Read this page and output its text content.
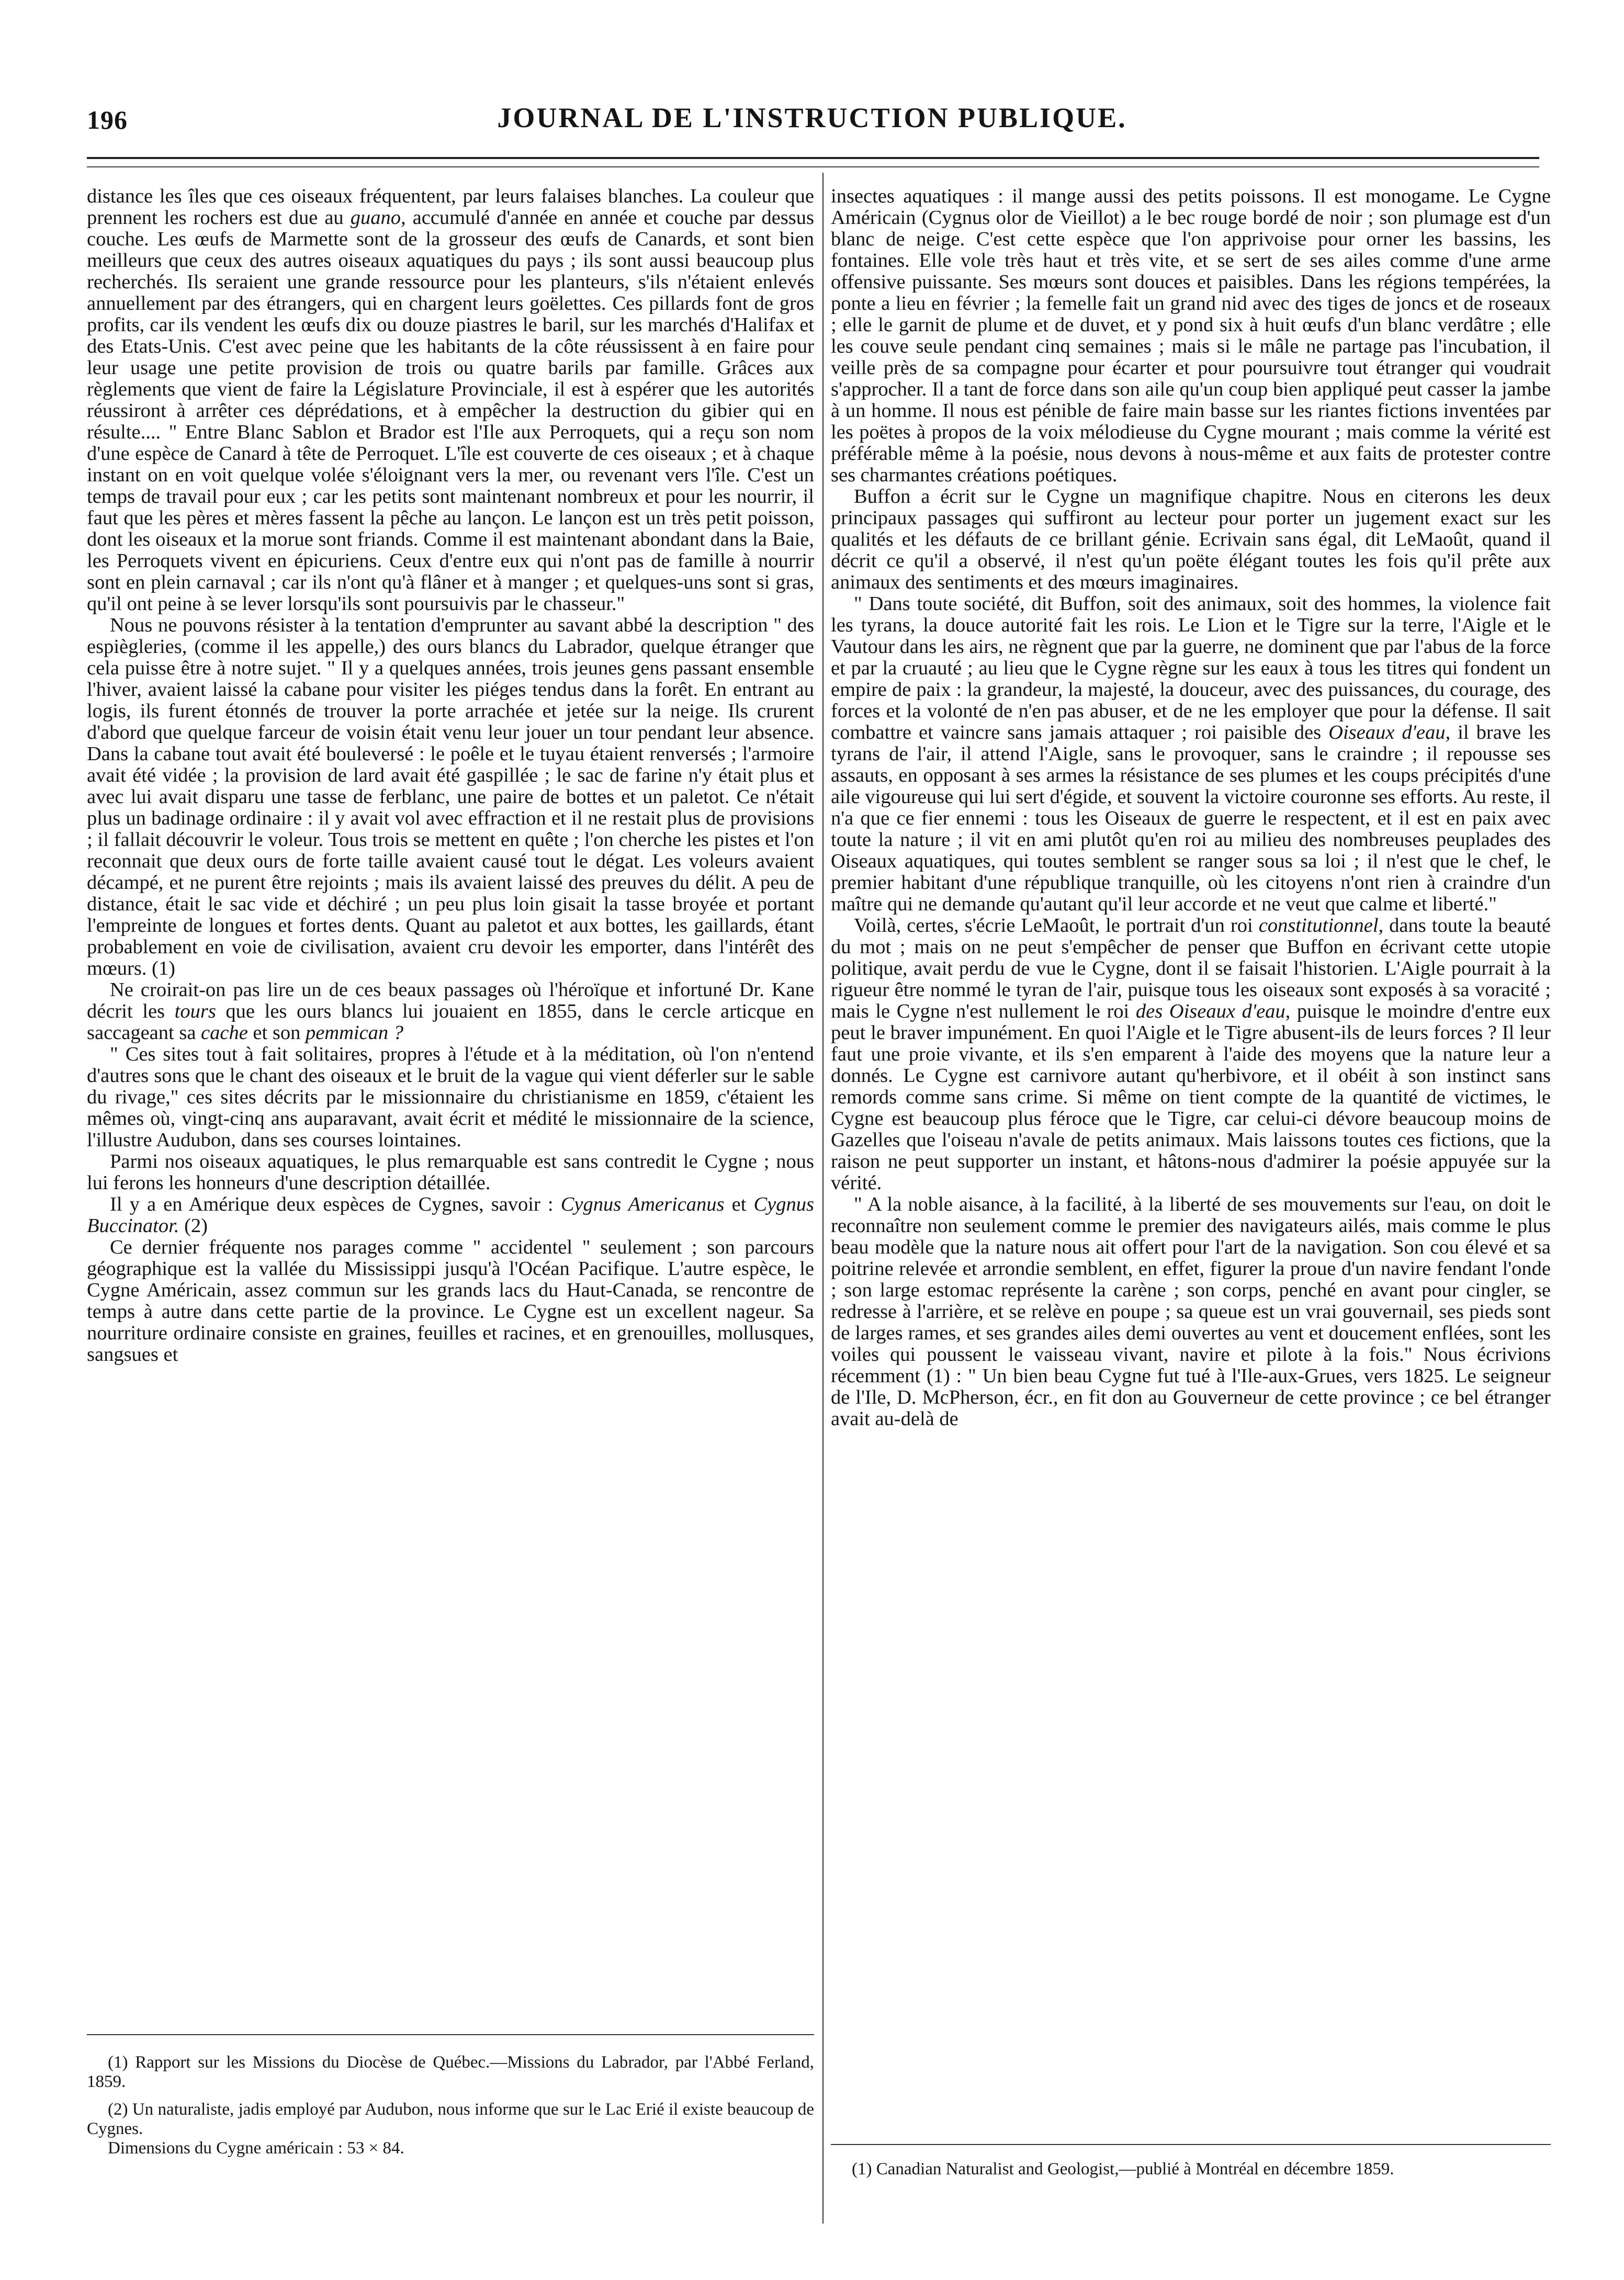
196	JOURNAL DE L'INSTRUCTION PUBLIQUE.

distance les îles que ces oiseaux fréquentent, par leurs falaises blanches. La couleur que prennent les rochers est due au guano, accumulé d'année en année et couche par dessus couche. Les œufs de Marmette sont de la grosseur des œufs de Canards, et sont bien meilleurs que ceux des autres oiseaux aquatiques du pays ; ils sont aussi beaucoup plus recherchés. Ils seraient une grande ressource pour les planteurs, s'ils n'étaient enlevés annuellement par des étrangers, qui en chargent leurs goëlettes. Ces pillards font de gros profits, car ils vendent les œufs dix ou douze piastres le baril, sur les marchés d'Halifax et des Etats-Unis. C'est avec peine que les habitants de la côte réussissent à en faire pour leur usage une petite provision de trois ou quatre barils par famille. Grâces aux règlements que vient de faire la Législature Provinciale, il est à espérer que les autorités réussiront à arrêter ces déprédations, et à empêcher la destruction du gibier qui en résulte.... " Entre Blanc Sablon et Brador est l'Ile aux Perroquets, qui a reçu son nom d'une espèce de Canard à tête de Perroquet. L'île est couverte de ces oiseaux ; et à chaque instant on en voit quelque volée s'éloignant vers la mer, ou revenant vers l'île. C'est un temps de travail pour eux ; car les petits sont maintenant nombreux et pour les nourrir, il faut que les pères et mères fassent la pêche au lançon. Le lançon est un très petit poisson, dont les oiseaux et la morue sont friands. Comme il est maintenant abondant dans la Baie, les Perroquets vivent en épicuriens. Ceux d'entre eux qui n'ont pas de famille à nourrir sont en plein carnaval ; car ils n'ont qu'à flâner et à manger ; et quelques-uns sont si gras, qu'il ont peine à se lever lorsqu'ils sont poursuivis par le chasseur."

Nous ne pouvons résister à la tentation d'emprunter au savant abbé la description " des espiègleries, (comme il les appelle,) des ours blancs du Labrador, quelque étranger que cela puisse être à notre sujet. " Il y a quelques années, trois jeunes gens passant ensemble l'hiver, avaient laissé la cabane pour visiter les piéges tendus dans la forêt. En entrant au logis, ils furent étonnés de trouver la porte arrachée et jetée sur la neige. Ils crurent d'abord que quelque farceur de voisin était venu leur jouer un tour pendant leur absence. Dans la cabane tout avait été bouleversé : le poêle et le tuyau étaient renversés ; l'armoire avait été vidée ; la provision de lard avait été gaspillée ; le sac de farine n'y était plus et avec lui avait disparu une tasse de ferblanc, une paire de bottes et un paletot. Ce n'était plus un badinage ordinaire : il y avait vol avec effraction et il ne restait plus de provisions ; il fallait découvrir le voleur. Tous trois se mettent en quête ; l'on cherche les pistes et l'on reconnait que deux ours de forte taille avaient causé tout le dégat. Les voleurs avaient décampé, et ne purent être rejoints ; mais ils avaient laissé des preuves du délit. A peu de distance, était le sac vide et déchiré ; un peu plus loin gisait la tasse broyée et portant l'empreinte de longues et fortes dents. Quant au paletot et aux bottes, les gaillards, étant probablement en voie de civilisation, avaient cru devoir les emporter, dans l'intérêt des mœurs. (1)

Ne croirait-on pas lire un de ces beaux passages où l'héroïque et infortuné Dr. Kane décrit les tours que les ours blancs lui jouaient en 1855, dans le cercle articque en saccageant sa cache et son pemmican ?

" Ces sites tout à fait solitaires, propres à l'étude et à la méditation, où l'on n'entend d'autres sons que le chant des oiseaux et le bruit de la vague qui vient déferler sur le sable du rivage," ces sites décrits par le missionnaire du christianisme en 1859, c'étaient les mêmes où, vingt-cinq ans auparavant, avait écrit et médité le missionnaire de la science, l'illustre Audubon, dans ses courses lointaines.

Parmi nos oiseaux aquatiques, le plus remarquable est sans contredit le Cygne ; nous lui ferons les honneurs d'une description détaillée.

Il y a en Amérique deux espèces de Cygnes, savoir : Cygnus Americanus et Cygnus Buccinator. (2)

Ce dernier fréquente nos parages comme " accidentel " seulement ; son parcours géographique est la vallée du Mississippi jusqu'à l'Océan Pacifique. L'autre espèce, le Cygne Américain, assez commun sur les grands lacs du Haut-Canada, se rencontre de temps à autre dans cette partie de la province. Le Cygne est un excellent nageur. Sa nourriture ordinaire consiste en graines, feuilles et racines, et en grenouilles, mollusques, sangsues et

insectes aquatiques : il mange aussi des petits poissons. Il est monogame. Le Cygne Américain (Cygnus olor de Vieillot) a le bec rouge bordé de noir ; son plumage est d'un blanc de neige. C'est cette espèce que l'on apprivoise pour orner les bassins, les fontaines. Elle vole très haut et très vite, et se sert de ses ailes comme d'une arme offensive puissante. Ses mœurs sont douces et paisibles. Dans les régions tempérées, la ponte a lieu en février ; la femelle fait un grand nid avec des tiges de joncs et de roseaux ; elle le garnit de plume et de duvet, et y pond six à huit œufs d'un blanc verdâtre ; elle les couve seule pendant cinq semaines ; mais si le mâle ne partage pas l'incubation, il veille près de sa compagne pour écarter et pour poursuivre tout étranger qui voudrait s'approcher. Il a tant de force dans son aile qu'un coup bien appliqué peut casser la jambe à un homme. Il nous est pénible de faire main basse sur les riantes fictions inventées par les poëtes à propos de la voix mélodieuse du Cygne mourant ; mais comme la vérité est préférable même à la poésie, nous devons à nous-même et aux faits de protester contre ses charmantes créations poétiques.

Buffon a écrit sur le Cygne un magnifique chapitre. Nous en citerons les deux principaux passages qui suffiront au lecteur pour porter un jugement exact sur les qualités et les défauts de ce brillant génie. Ecrivain sans égal, dit LeMaoût, quand il décrit ce qu'il a observé, il n'est qu'un poëte élégant toutes les fois qu'il prête aux animaux des sentiments et des mœurs imaginaires.

" Dans toute société, dit Buffon, soit des animaux, soit des hommes, la violence fait les tyrans, la douce autorité fait les rois. Le Lion et le Tigre sur la terre, l'Aigle et le Vautour dans les airs, ne règnent que par la guerre, ne dominent que par l'abus de la force et par la cruauté ; au lieu que le Cygne règne sur les eaux à tous les titres qui fondent un empire de paix : la grandeur, la majesté, la douceur, avec des puissances, du courage, des forces et la volonté de n'en pas abuser, et de ne les employer que pour la défense. Il sait combattre et vaincre sans jamais attaquer ; roi paisible des Oiseaux d'eau, il brave les tyrans de l'air, il attend l'Aigle, sans le provoquer, sans le craindre ; il repousse ses assauts, en opposant à ses armes la résistance de ses plumes et les coups précipités d'une aile vigoureuse qui lui sert d'égide, et souvent la victoire couronne ses efforts. Au reste, il n'a que ce fier ennemi : tous les Oiseaux de guerre le respectent, et il est en paix avec toute la nature ; il vit en ami plutôt qu'en roi au milieu des nombreuses peuplades des Oiseaux aquatiques, qui toutes semblent se ranger sous sa loi ; il n'est que le chef, le premier habitant d'une république tranquille, où les citoyens n'ont rien à craindre d'un maître qui ne demande qu'autant qu'il leur accorde et ne veut que calme et liberté."

Voilà, certes, s'écrie LeMaoût, le portrait d'un roi constitutionnel, dans toute la beauté du mot ; mais on ne peut s'empêcher de penser que Buffon en écrivant cette utopie politique, avait perdu de vue le Cygne, dont il se faisait l'historien. L'Aigle pourrait à la rigueur être nommé le tyran de l'air, puisque tous les oiseaux sont exposés à sa voracité ; mais le Cygne n'est nullement le roi des Oiseaux d'eau, puisque le moindre d'entre eux peut le braver impunément. En quoi l'Aigle et le Tigre abusent-ils de leurs forces ? Il leur faut une proie vivante, et ils s'en emparent à l'aide des moyens que la nature leur a donnés. Le Cygne est carnivore autant qu'herbivore, et il obéit à son instinct sans remords comme sans crime. Si même on tient compte de la quantité de victimes, le Cygne est beaucoup plus féroce que le Tigre, car celui-ci dévore beaucoup moins de Gazelles que l'oiseau n'avale de petits animaux. Mais laissons toutes ces fictions, que la raison ne peut supporter un instant, et hâtons-nous d'admirer la poésie appuyée sur la vérité.

" A la noble aisance, à la facilité, à la liberté de ses mouvements sur l'eau, on doit le reconnaître non seulement comme le premier des navigateurs ailés, mais comme le plus beau modèle que la nature nous ait offert pour l'art de la navigation. Son cou élevé et sa poitrine relevée et arrondie semblent, en effet, figurer la proue d'un navire fendant l'onde ; son large estomac représente la carène ; son corps, penché en avant pour cingler, se redresse à l'arrière, et se relève en poupe ; sa queue est un vrai gouvernail, ses pieds sont de larges rames, et ses grandes ailes demi ouvertes au vent et doucement enflées, sont les voiles qui poussent le vaisseau vivant, navire et pilote à la fois." Nous écrivions récemment (1) : " Un bien beau Cygne fut tué à l'Ile-aux-Grues, vers 1825. Le seigneur de l'Ile, D. McPherson, écr., en fit don au Gouverneur de cette province ; ce bel étranger avait au-delà de

(1) Rapport sur les Missions du Diocèse de Québec.—Missions du Labrador, par l'Abbé Ferland, 1859.

(2) Un naturaliste, jadis employé par Audubon, nous informe que sur le Lac Erié il existe beaucoup de Cygnes.

Dimensions du Cygne américain : 53 × 84.

(1) Canadian Naturalist and Geologist,—publié à Montréal en décembre 1859.
